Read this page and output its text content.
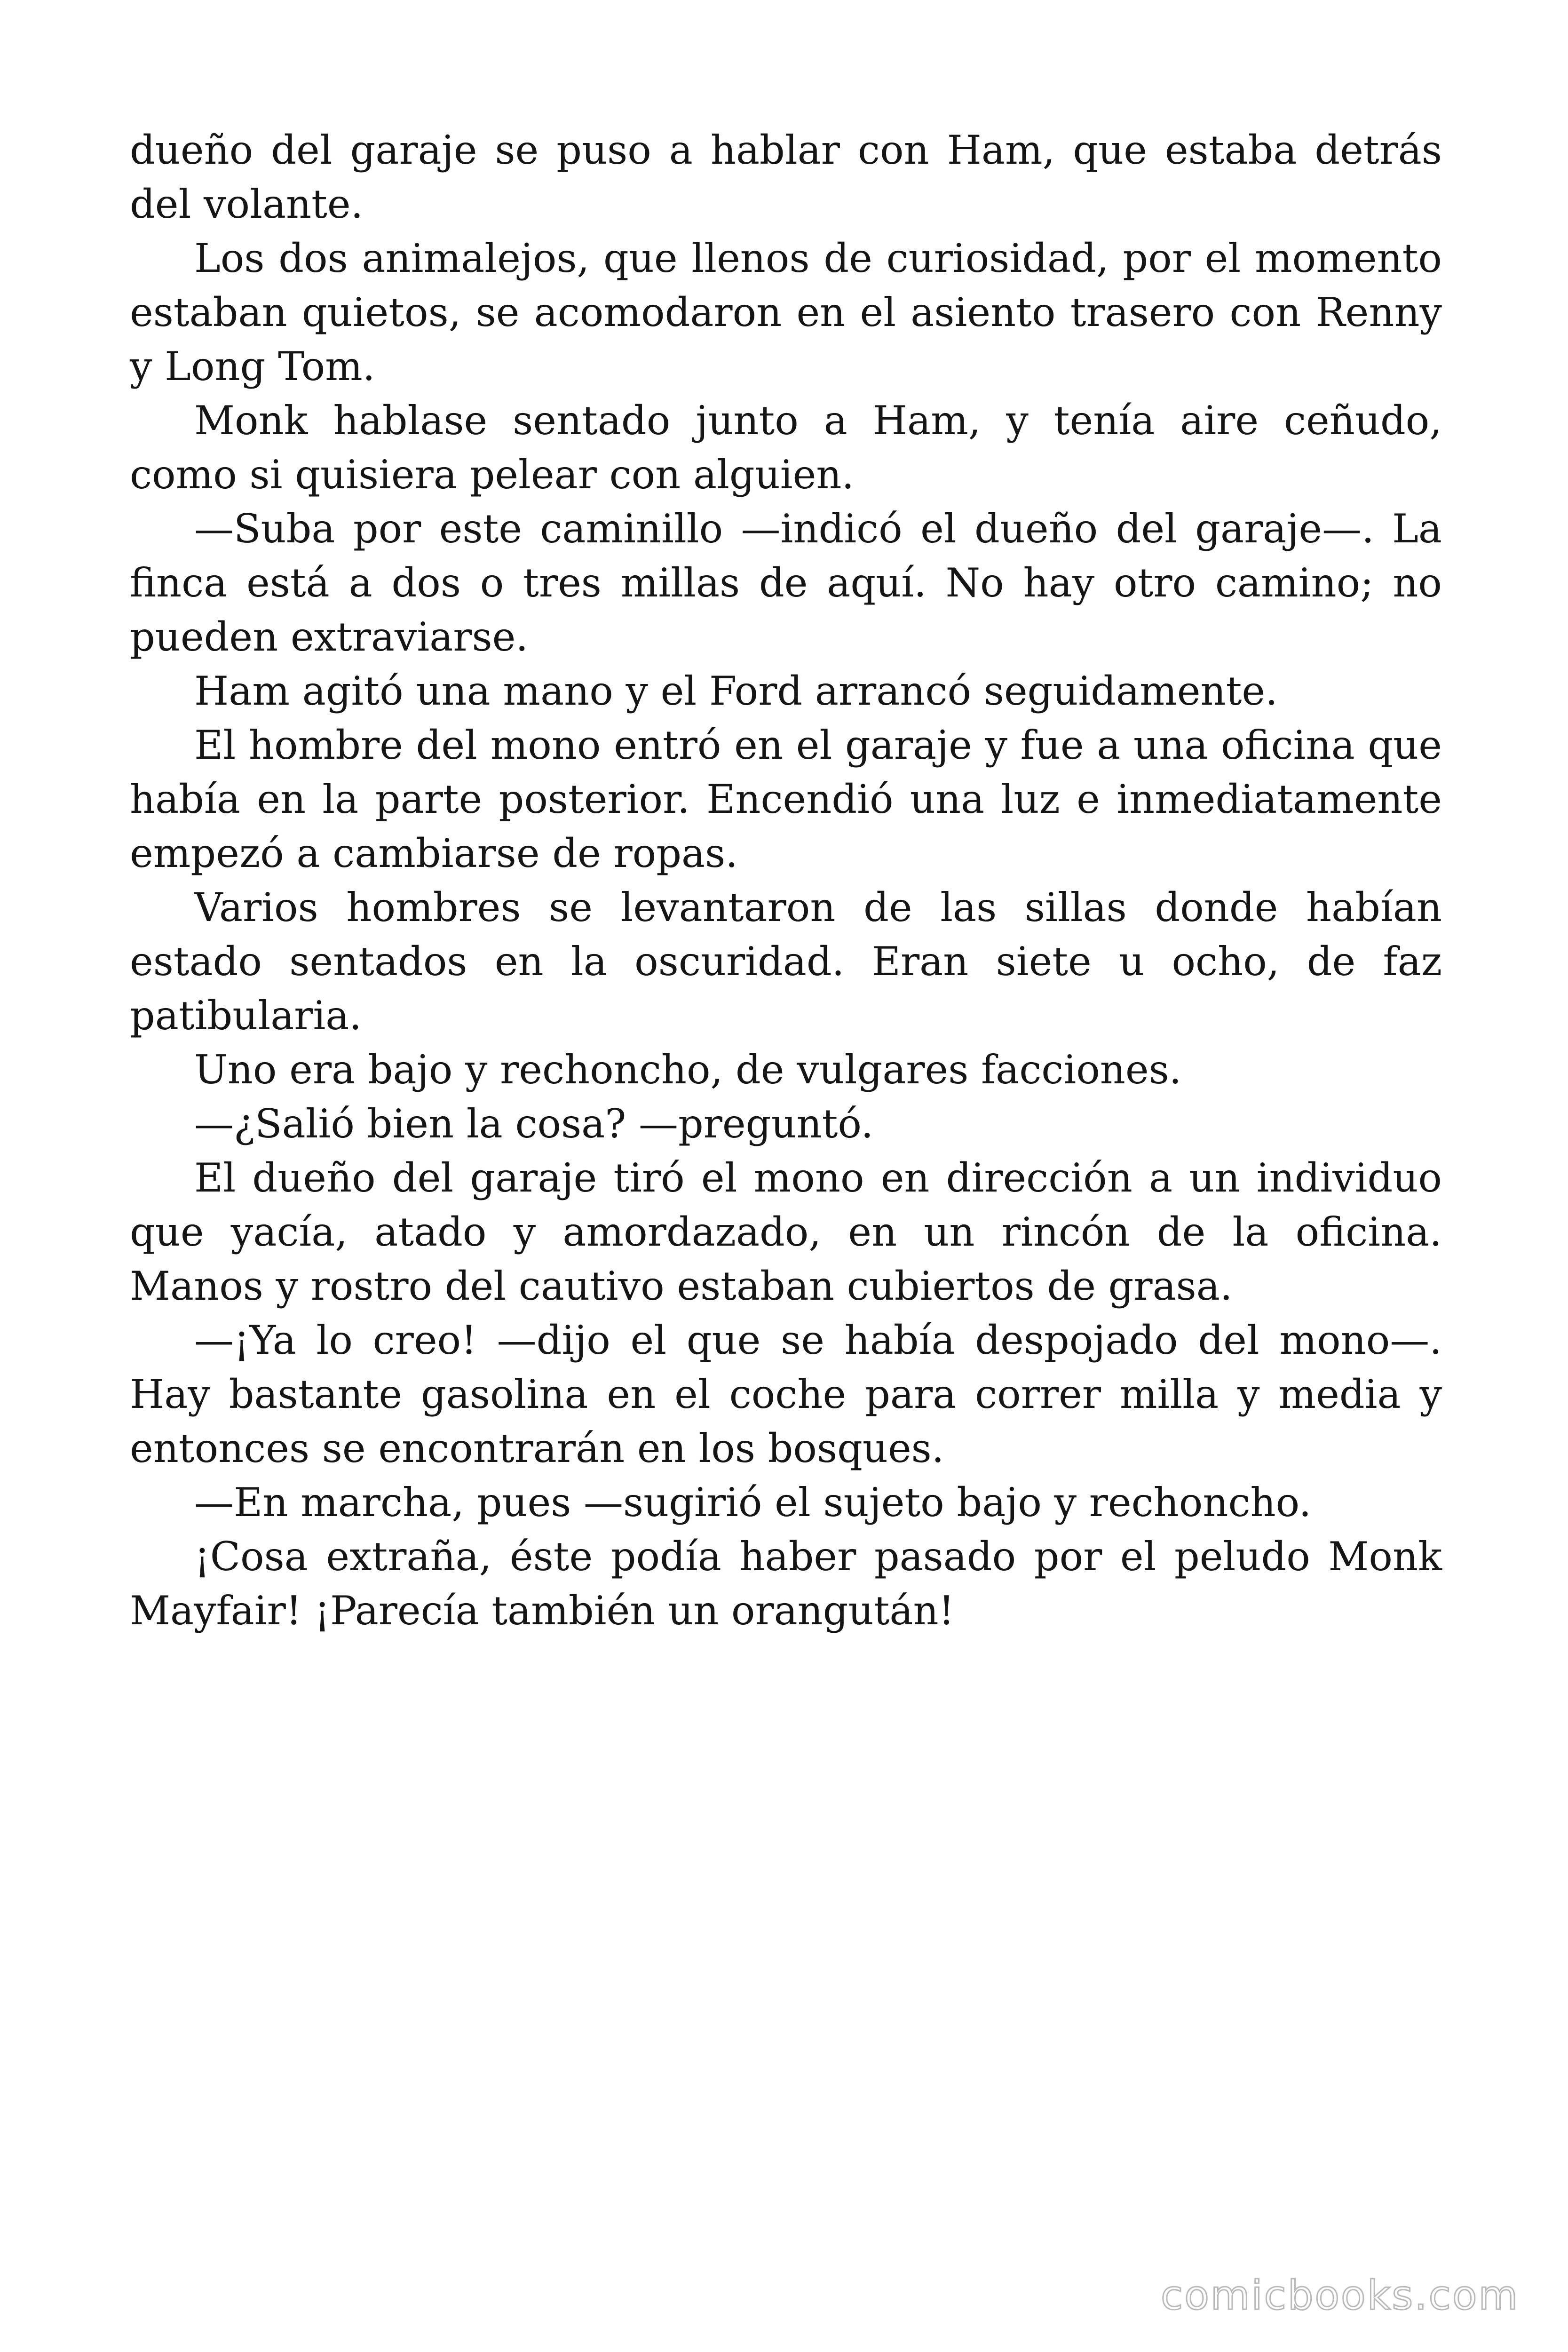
dueño del garaje se puso a hablar con Ham, que estaba detrás del volante.

Los dos animalejos, que llenos de curiosidad, por el momento estaban quietos, se acomodaron en el asiento trasero con Renny y Long Tom.

Monk hablase sentado junto a Ham, y tenía aire ceñudo, como si quisiera pelear con alguien.

—Suba por este caminillo —indicó el dueño del garaje—. La finca está a dos o tres millas de aquí. No hay otro camino; no pueden extraviarse.

Ham agitó una mano y el Ford arrancó seguidamente.

El hombre del mono entró en el garaje y fue a una oficina que había en la parte posterior. Encendió una luz e inmediatamente empezó a cambiarse de ropas.

Varios hombres se levantaron de las sillas donde habían estado sentados en la oscuridad. Eran siete u ocho, de faz patibularia.

Uno era bajo y rechoncho, de vulgares facciones.

—¿Salió bien la cosa? —preguntó.

El dueño del garaje tiró el mono en dirección a un individuo que yacía, atado y amordazado, en un rincón de la oficina. Manos y rostro del cautivo estaban cubiertos de grasa.

—¡Ya lo creo! —dijo el que se había despojado del mono—. Hay bastante gasolina en el coche para correr milla y media y entonces se encontrarán en los bosques.

—En marcha, pues —sugirió el sujeto bajo y rechoncho.

¡Cosa extraña, éste podía haber pasado por el peludo Monk Mayfair! ¡Parecía también un orangután!

comicbooks.com
